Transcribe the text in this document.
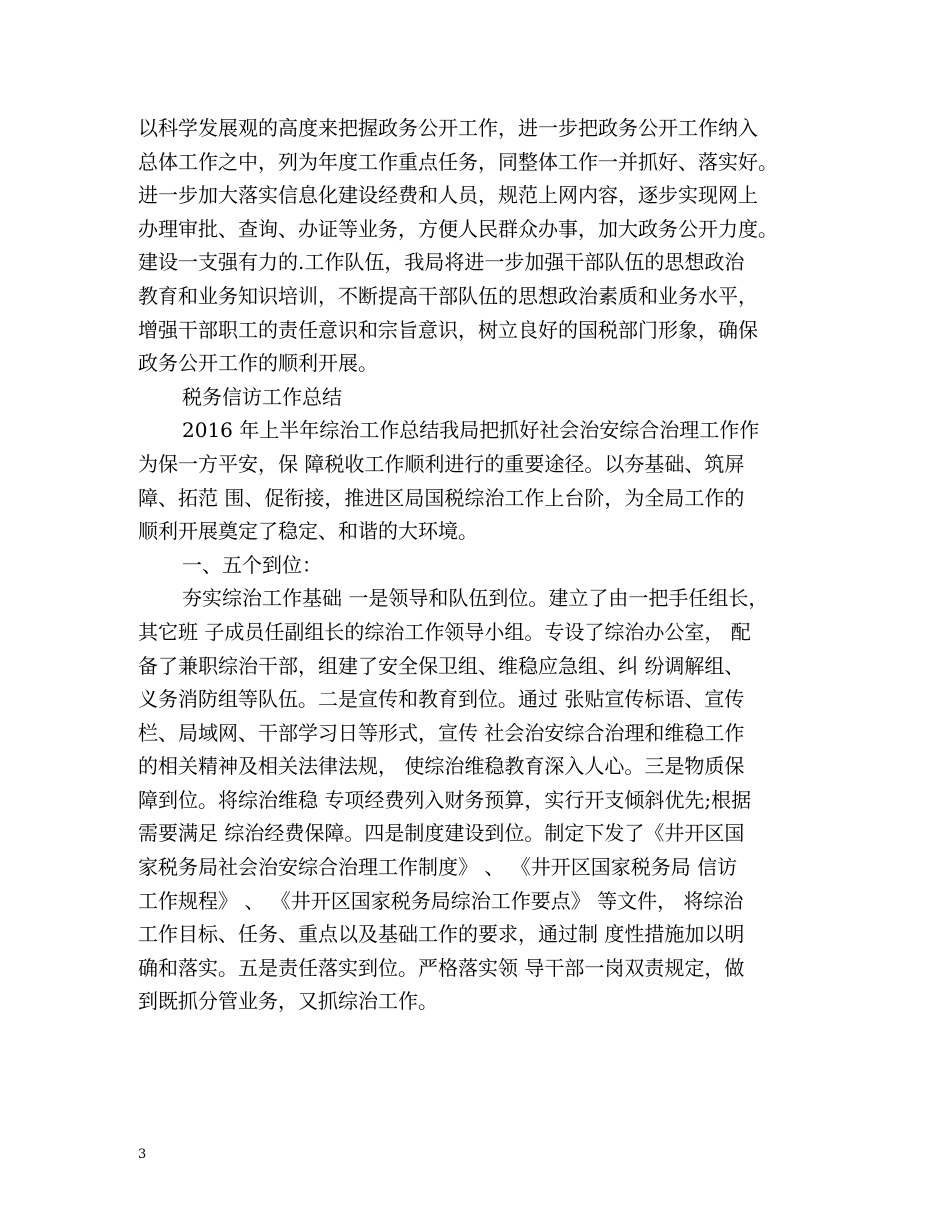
以科学发展观的高度来把握政务公开工作，进一步把政务公开工作纳入
总体工作之中，列为年度工作重点任务，同整体工作一并抓好、落实好。
进一步加大落实信息化建设经费和人员，规范上网内容，逐步实现网上
办理审批、查询、办证等业务，方便人民群众办事，加大政务公开力度。
建设一支强有力的.工作队伍，我局将进一步加强干部队伍的思想政治
教育和业务知识培训，不断提高干部队伍的思想政治素质和业务水平，
增强干部职工的责任意识和宗旨意识，树立良好的国税部门形象，确保
政务公开工作的顺利开展。
税务信访工作总结
2016 年上半年综治工作总结我局把抓好社会治安综合治理工作作
为保一方平安，保 障税收工作顺利进行的重要途径。以夯基础、筑屏
障、拓范 围、促衔接，推进区局国税综治工作上台阶，为全局工作的
顺利开展奠定了稳定、和谐的大环境。
一、五个到位：
夯实综治工作基础 一是领导和队伍到位。建立了由一把手任组长，
其它班 子成员任副组长的综治工作领导小组。专设了综治办公室， 配
备了兼职综治干部，组建了安全保卫组、维稳应急组、纠 纷调解组、
义务消防组等队伍。二是宣传和教育到位。通过 张贴宣传标语、宣传
栏、局域网、干部学习日等形式，宣传 社会治安综合治理和维稳工作
的相关精神及相关法律法规， 使综治维稳教育深入人心。三是物质保
障到位。将综治维稳 专项经费列入财务预算，实行开支倾斜优先;根据
需要满足 综治经费保障。四是制度建设到位。制定下发了《井开区国
家税务局社会治安综合治理工作制度》 、 《井开区国家税务局 信访
工作规程》 、 《井开区国家税务局综治工作要点》 等文件， 将综治
工作目标、任务、重点以及基础工作的要求，通过制 度性措施加以明
确和落实。五是责任落实到位。严格落实领 导干部一岗双责规定，做
到既抓分管业务，又抓综治工作。
3
